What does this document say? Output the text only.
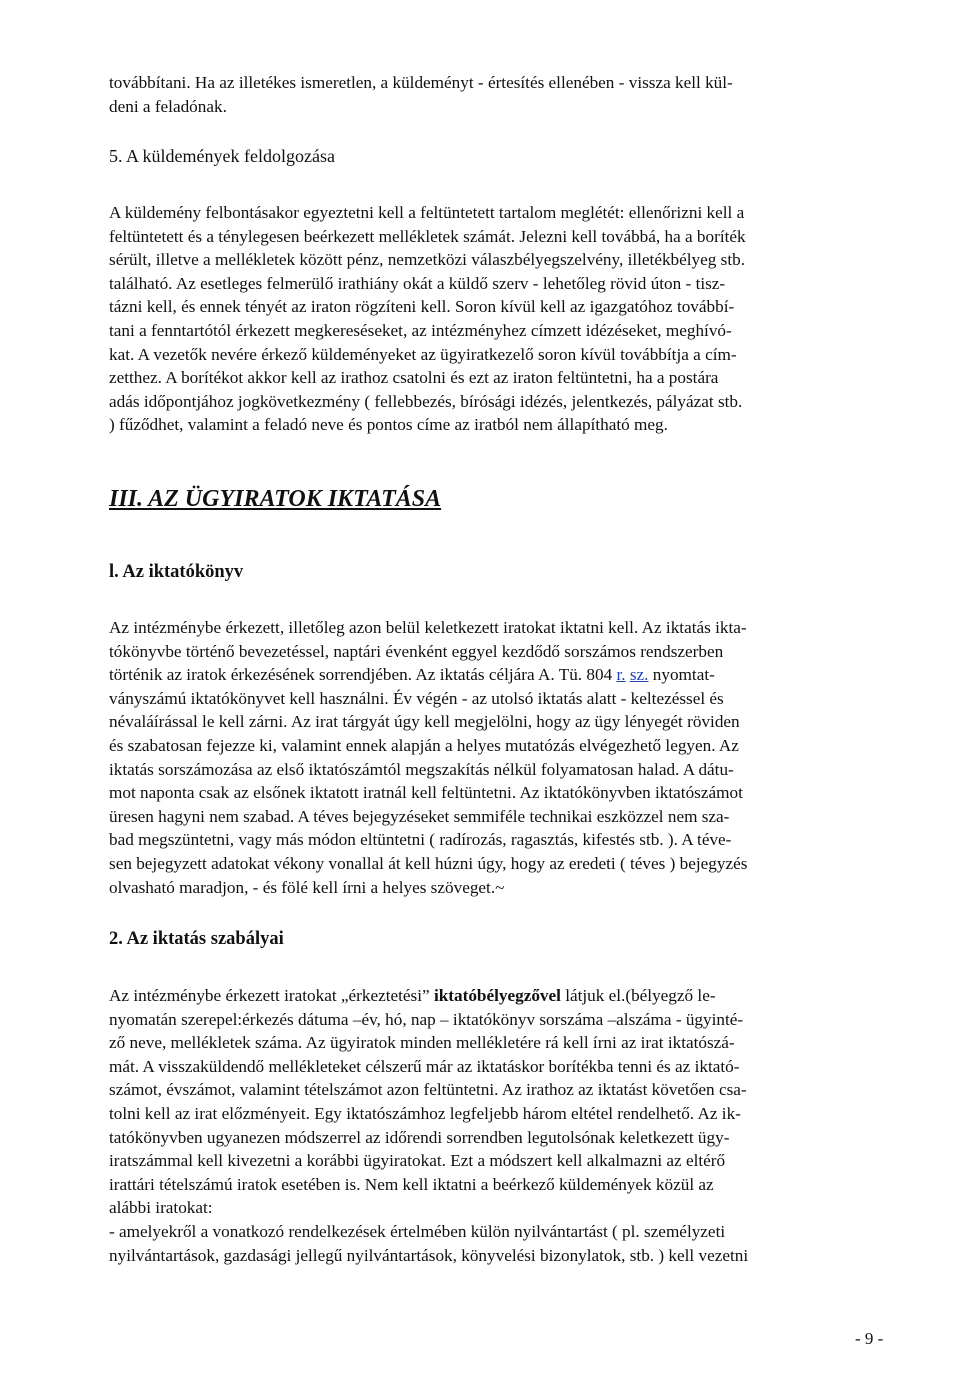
továbbítani. Ha az illetékes ismeretlen, a küldeményt - értesítés ellenében - vissza kell kül-
deni a feladónak.
5. A küldemények feldolgozása
A küldemény felbontásakor egyeztetni kell a feltüntetett tartalom meglétét: ellenőrizni kell a
feltüntetett és a ténylegesen beérkezett mellékletek számát. Jelezni kell továbbá, ha a boríték
sérült, illetve a mellékletek között pénz, nemzetközi válaszbélyegszelvény, illetékbélyeg stb.
található. Az esetleges felmerülő irathiány okát a küldő szerv - lehetőleg rövid úton - tisz-
tázni kell, és ennek tényét az iraton rögzíteni kell. Soron kívül kell az igazgatóhoz továbbí-
tani a fenntartótól érkezett megkereséseket, az intézményhez címzett idézéseket, meghívó-
kat. A vezetők nevére érkező küldeményeket az ügyiratkezelő soron kívül továbbítja a cím-
zetthez. A borítékot akkor kell az irathoz csatolni és ezt az iraton feltüntetni, ha a postára
adás időpontjához jogkövetkezmény ( fellebbezés, bírósági idézés, jelentkezés, pályázat stb.
) fűződhet, valamint a feladó neve és pontos címe az iratból nem állapítható meg.
III. AZ ÜGYIRATOK IKTATÁSA
l. Az iktatókönyv
Az intézménybe érkezett, illetőleg azon belül keletkezett iratokat iktatni kell. Az iktatás ikta-
tókönyvbe történő bevezetéssel, naptári évenként eggyel kezdődő sorszámos rendszerben
történik az iratok érkezésének sorrendjében. Az iktatás céljára A. Tü. 804 r. sz. nyomtat-
ványszámú iktatókönyvet kell használni. Év végén - az utolsó iktatás alatt - keltezéssel és
névaláírással le kell zárni. Az irat tárgyát úgy kell megjelölni, hogy az ügy lényegét röviden
és szabatosan fejezze ki, valamint ennek alapján a helyes mutatózás elvégezhető legyen. Az
iktatás sorszámozása az első iktatószámtól megszakítás nélkül folyamatosan halad. A dátu-
mot naponta csak az elsőnek iktatott iratnál kell feltüntetni. Az iktatókönyvben iktatószámot
üresen hagyni nem szabad. A téves bejegyzéseket semmiféle technikai eszközzel nem sza-
bad megszüntetni, vagy más módon eltüntetni ( radírozás, ragasztás, kifestés stb. ). A téve-
sen bejegyzett adatokat vékony vonallal át kell húzni úgy, hogy az eredeti ( téves ) bejegyzés
olvasható maradjon, - és fölé kell írni a helyes szöveget.~
2. Az iktatás szabályai
Az intézménybe érkezett iratokat „érkeztetési” iktatóbélyegzővel látjuk el.(bélyegző le-
nyomatán szerepel:érkezés dátuma –év, hó, nap – iktatókönyv sorszáma –alszáma - ügyinté-
ző neve, mellékletek száma. Az ügyiratok minden mellékletére rá kell írni az irat iktatószá-
mát. A visszaküldendő mellékleteket célszerű már az iktatáskor borítékba tenni és az iktató-
számot, évszámot, valamint tételszámot azon feltüntetni. Az irathoz az iktatást követően csa-
tolni kell az irat előzményeit. Egy iktatószámhoz legfeljebb három eltétel rendelhető. Az ik-
tatókönyvben ugyanezen módszerrel az időrendi sorrendben legutolsónak keletkezett ügy-
iratszámmal kell kivezetni a korábbi ügyiratokat. Ezt a módszert kell alkalmazni az eltérő
irattári tételszámú iratok esetében is. Nem kell iktatni a beérkező küldemények közül az
alábbi iratokat:
- amelyekről a vonatkozó rendelkezések értelmében külön nyilvántartást ( pl. személyzeti
nyilvántartások, gazdasági jellegű nyilvántartások, könyvelési bizonylatok, stb. ) kell vezetni
- 9 -
